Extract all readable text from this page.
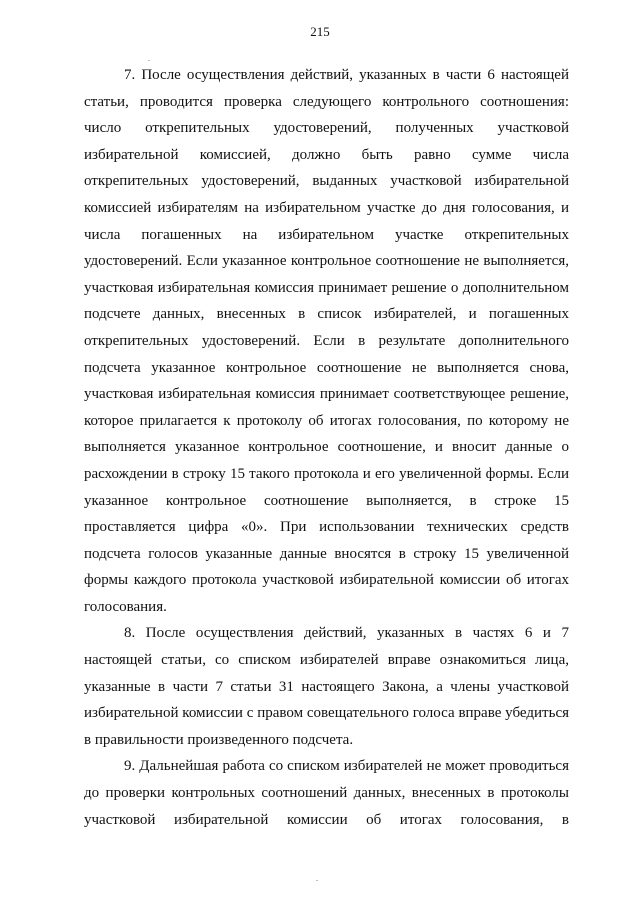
215

7. После осуществления действий, указанных в части 6 настоящей статьи, проводится проверка следующего контрольного соотношения: число открепительных удостоверений, полученных участковой избирательной комиссией, должно быть равно сумме числа открепительных удостоверений, выданных участковой избирательной комиссией избирателям на избирательном участке до дня голосования, и числа погашенных на избирательном участке открепительных удостоверений. Если указанное контрольное соотношение не выполняется, участковая избирательная комиссия принимает решение о дополнительном подсчете данных, внесенных в список избирателей, и погашенных открепительных удостоверений. Если в результате дополнительного подсчета указанное контрольное соотношение не выполняется снова, участковая избирательная комиссия принимает соответствующее решение, которое прилагается к протоколу об итогах голосования, по которому не выполняется указанное контрольное соотношение, и вносит данные о расхождении в строку 15 такого протокола и его увеличенной формы. Если указанное контрольное соотношение выполняется, в строке 15 проставляется цифра «0». При использовании технических средств подсчета голосов указанные данные вносятся в строку 15 увеличенной формы каждого протокола участковой избирательной комиссии об итогах голосования.

8. После осуществления действий, указанных в частях 6 и 7 настоящей статьи, со списком избирателей вправе ознакомиться лица, указанные в части 7 статьи 31 настоящего Закона, а члены участковой избирательной комиссии с правом совещательного голоса вправе убедиться в правильности произведенного подсчета.

9. Дальнейшая работа со списком избирателей не может проводиться до проверки контрольных соотношений данных, внесенных в протоколы участковой избирательной комиссии об итогах голосования, в
